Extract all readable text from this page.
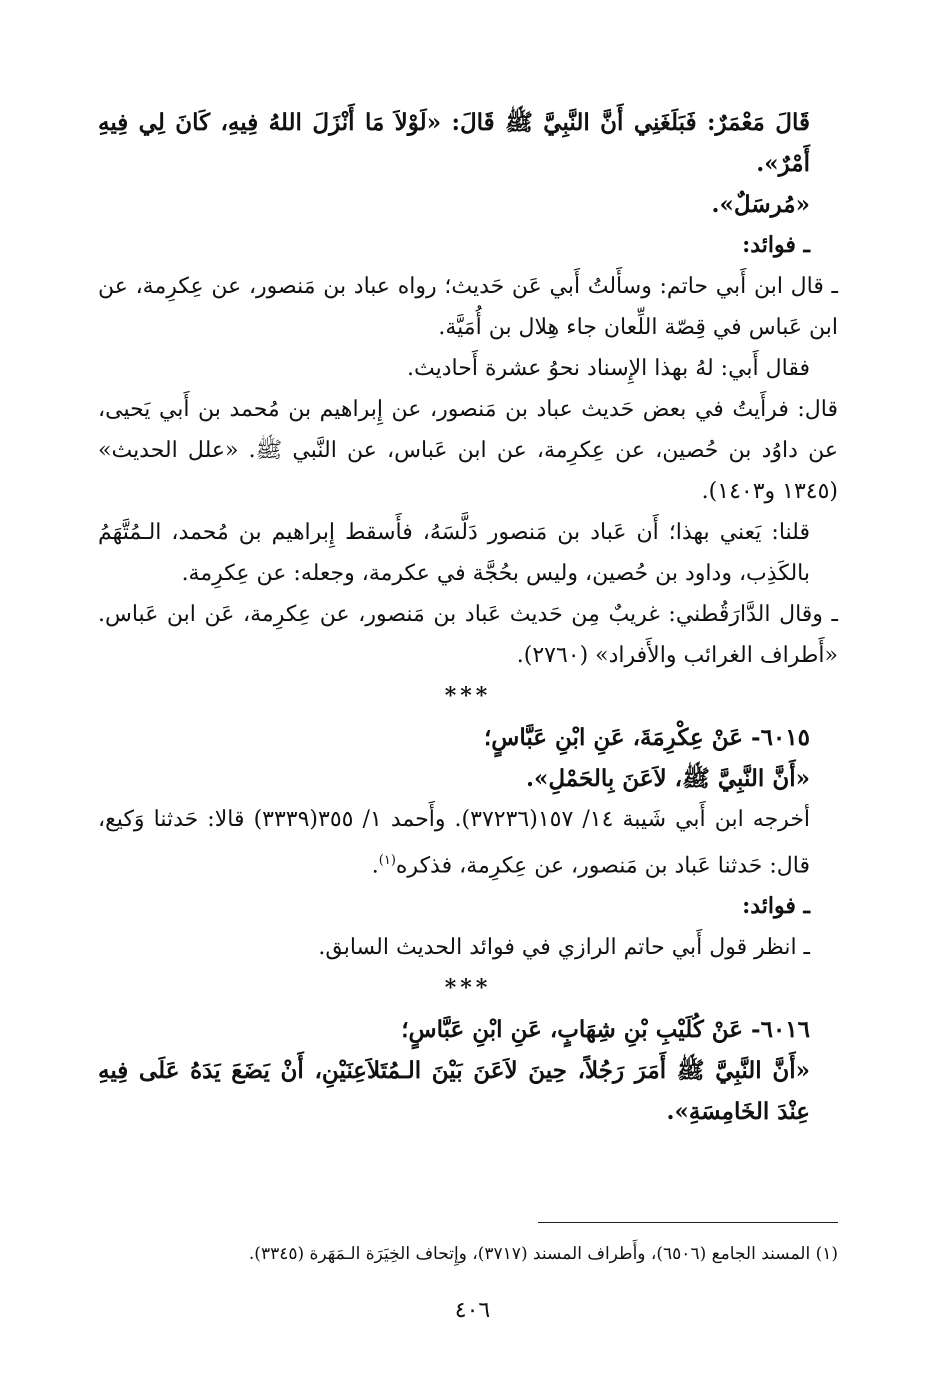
قَالَ مَعْمَرٌ: فَبَلَغَنِي أَنَّ النَّبِيَّ ﷺ قَالَ: «لَوْلاَ مَا أَنْزَلَ اللهُ فِيهِ، كَانَ لِي فِيهِ أَمْرٌ».

«مُرسَلٌ».

ـ فوائد:

ـ قال ابن أَبي حاتم: وسأَلتُ أَبي عَن حَديث؛ رواه عباد بن مَنصور، عن عِكرِمة، عن ابن عَباس في قِصّة اللِّعان جاء هِلال بن أُمَيَّة.

فقال أَبي: لهُ بهذا الإِسناد نحوُ عشرة أَحاديث.

قال: فرأَيتُ في بعض حَديث عباد بن مَنصور، عن إِبراهيم بن مُحمد بن أَبي يَحيى، عن داوُد بن حُصين، عن عِكرِمة، عن ابن عَباس، عن النَّبي ﷺ. «علل الحديث» (١٣٤٥ و١٤٠٣).

قلنا: يَعني بهذا؛ أَن عَباد بن مَنصور دَلَّسَهُ، فأَسقط إِبراهيم بن مُحمد، الـمُتَّهَمُ بالكَذِب، وداود بن حُصين، وليس بحُجَّة في عكرمة، وجعله: عن عِكرِمة.

ـ وقال الدَّارَقُطني: غريبٌ مِن حَديث عَباد بن مَنصور، عن عِكرِمة، عَن ابن عَباس. «أَطراف الغرائب والأَفراد» (٢٧٦٠).

***

٦٠١٥- عَنْ عِكْرِمَةَ، عَنِ ابْنِ عَبَّاسٍ؛

«أَنَّ النَّبِيَّ ﷺ، لاَعَنَ بِالحَمْلِ».

أخرجه ابن أَبي شَيبة ١٤/ ١٥٧(٣٧٢٣٦). وأَحمد ١/ ٣٥٥(٣٣٣٩) قالا: حَدثنا وَكيع، قال: حَدثنا عَباد بن مَنصور، عن عِكرِمة، فذكره$^{(١)}$.

ـ فوائد:

ـ انظر قول أَبي حاتم الرازي في فوائد الحديث السابق.

***

٦٠١٦- عَنْ كُلَيْبِ بْنِ شِهَابٍ، عَنِ ابْنِ عَبَّاسٍ؛

«أَنَّ النَّبِيَّ ﷺ أَمَرَ رَجُلاً، حِينَ لاَعَنَ بَيْنَ الـمُتَلاَعِنَيْنِ، أَنْ يَضَعَ يَدَهُ عَلَى فِيهِ عِنْدَ الخَامِسَةِ».

(١) المسند الجامع (٦٥٠٦)، وأَطراف المسند (٣٧١٧)، وإِتحاف الخِيَرَة الـمَهَرة (٣٣٤٥).

٤٠٦
